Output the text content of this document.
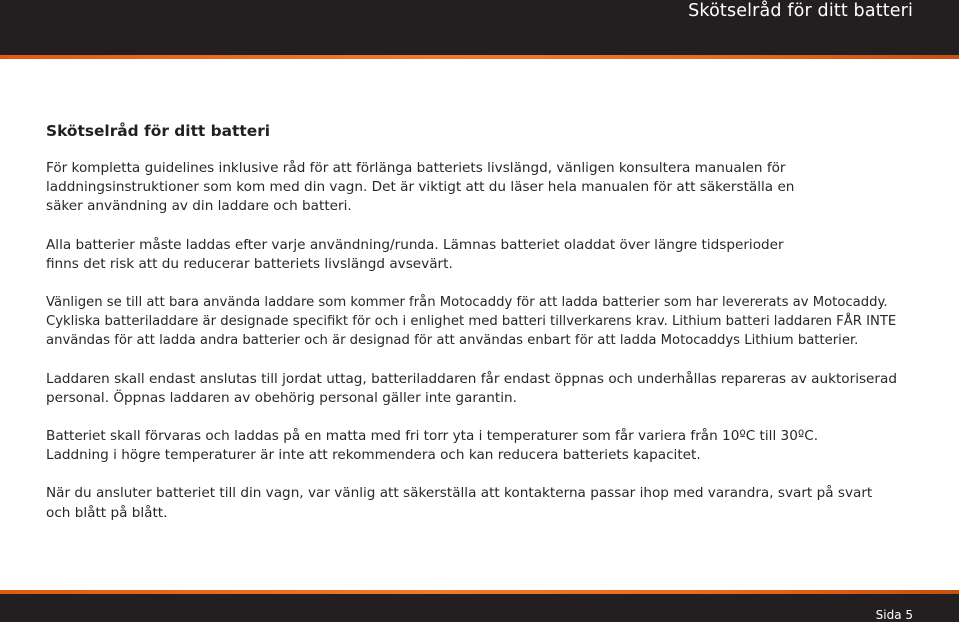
Skötselråd för ditt batteri
Skötselråd för ditt batteri

För kompletta guidelines inklusive råd för att förlänga batteriets livslängd, vänligen konsultera manualen för
laddningsinstruktioner som kom med din vagn. Det är viktigt att du läser hela manualen för att säkerställa en
säker användning av din laddare och batteri.

Alla batterier måste laddas efter varje användning/runda. Lämnas batteriet oladdat över längre tidsperioder
finns det risk att du reducerar batteriets livslängd avsevärt.

Vänligen se till att bara använda laddare som kommer från Motocaddy för att ladda batterier som har levererats av Motocaddy.
Cykliska batteriladdare är designade specifikt för och i enlighet med batteri tillverkarens krav. Lithium batteri laddaren FÅR INTE
användas för att ladda andra batterier och är designad för att användas enbart för att ladda Motocaddys Lithium batterier.

Laddaren skall endast anslutas till jordat uttag, batteriladdaren får endast öppnas och underhållas repareras av auktoriserad
personal. Öppnas laddaren av obehörig personal gäller inte garantin.

Batteriet skall förvaras och laddas på en matta med fri torr yta i temperaturer som får variera från 10ºC till 30ºC.
Laddning i högre temperaturer är inte att rekommendera och kan reducera batteriets kapacitet.

När du ansluter batteriet till din vagn, var vänlig att säkerställa att kontakterna passar ihop med varandra, svart på svart
och blått på blått.

Sida 5
